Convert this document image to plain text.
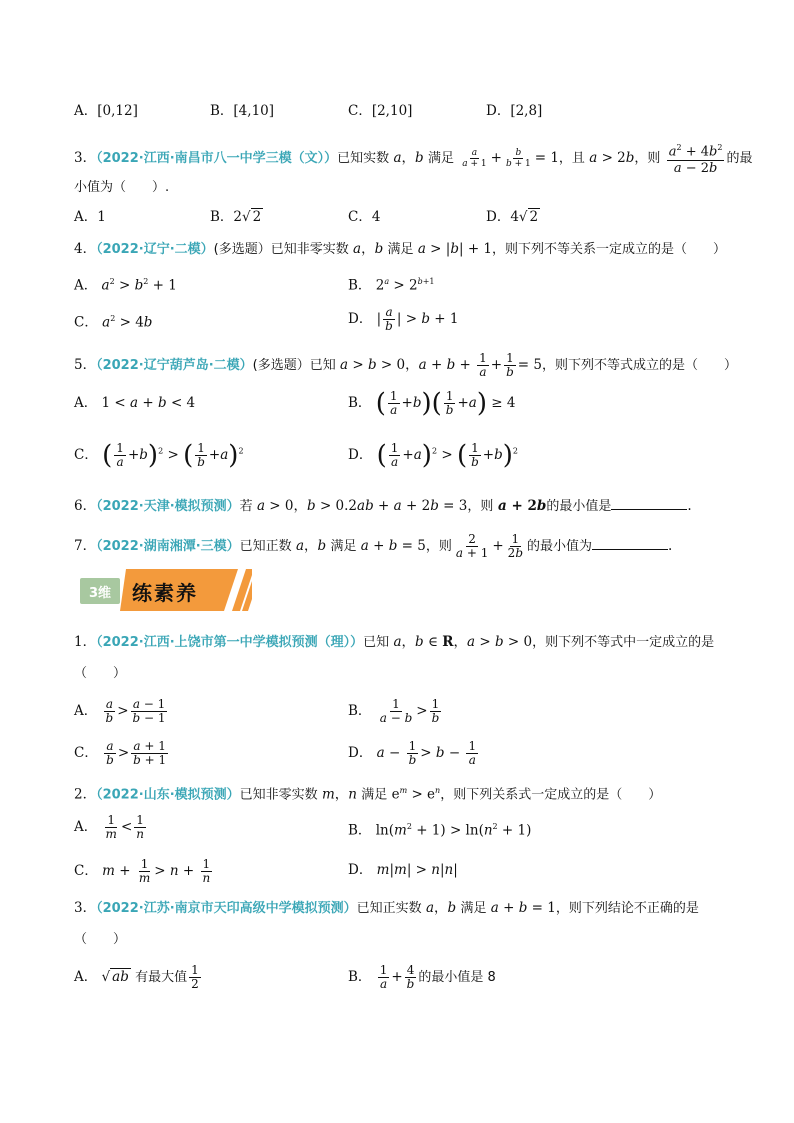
A．[0,12]	B．[4,10]	C．[2,10]	D．[2,8]
3．（2022·江西·南昌市八一中学三模（文））已知实数 a，b 满足 $\frac{a}{a + 1} + \frac{b}{b + 1} = 1$，且 a > 2b，则 $\frac{a^2 + 4b^2}{a - 2b}$ 的最
小值为（　　）.
A．1	B．2√ 2	C．4	D．4√ 2
4．（2022·辽宁·二模）(多选题）已知非零实数 a，b 满足 a > |b| + 1，则下列不等关系一定成立的是（　　）
A． $a^2 > b^2 + 1$	B． $2^a > 2^{b+1}$
C． $a^2 > 4b$	D． | $\frac{a}{b}$ | > b + 1
5．（2022·辽宁葫芦岛·二模）(多选题）已知 a > b > 0，$a + b + \frac{1}{a} + \frac{1}{b} = 5$，则下列不等式成立的是（　　）
A． 1 < a + b < 4	B． ( $\frac{1}{a} +b)( \frac{1}{b} +a) \ge 4$
C． ( $\frac{1}{a} +b)^2$ > ( $\frac{1}{b} +a)^2$	D． ( $\frac{1}{a} +a)^2$ > ( $\frac{1}{b} +b)^2$
6．（2022·天津·模拟预测）若 a > 0，b > 0.2ab + a + 2b = 3，则 a + 2b的最小值是	.
7．（2022·湖南湘潭·三模）已知正数 a，b 满足 a + b = 5，则 $\frac{2}{a + 1} + \frac{1}{2b}$ 的最小值为	.
3维	练素养
1．（2022·江西·上饶市第一中学模拟预测（理））已知 a，b ∈ R，a > b > 0，则下列不等式中一定成立的是
（　　）
A． $\frac{a}{b} > \frac{a - 1}{b - 1}$	B． $\frac{1}{a - b} > \frac{1}{b}$
C． $\frac{a}{b} > \frac{a + 1}{b + 1}$	D． $a - \frac{1}{b} > b - \frac{1}{a}$
2．（2022·山东·模拟预测）已知非零实数 m，n 满足 $e^m > e^n$，则下列关系式一定成立的是（　　）
A． $\frac{1}{m} < \frac{1}{n}$	B． $\ln(m^2 + 1) > \ln(n^2 + 1)$
C． $m + \frac{1}{m} > n + \frac{1}{n}$	D． m|m| > n|n|
3．（2022·江苏·南京市天印高级中学模拟预测）已知正实数 a，b 满足 a + b = 1，则下列结论不正确的是
（　　）
A． √ ab 有最大值 $\frac{1}{2}$	B． $\frac{1}{a} + \frac{4}{b}$ 的最小值是 8
